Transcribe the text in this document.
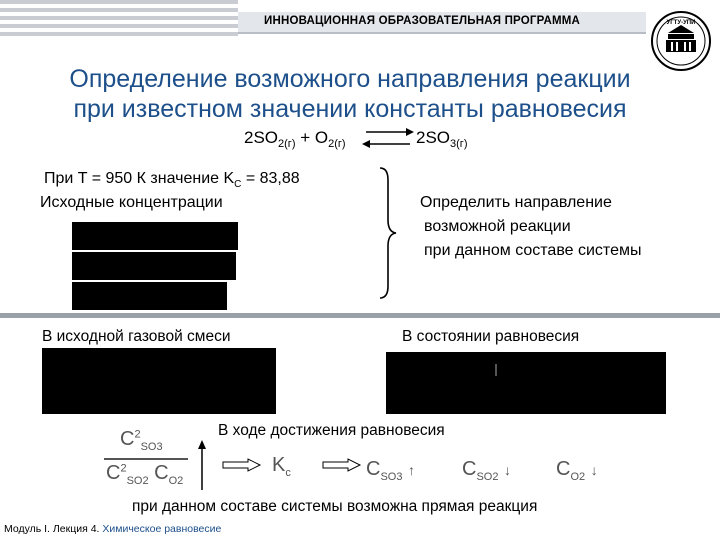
ИННОВАЦИОННАЯ ОБРАЗОВАТЕЛЬНАЯ ПРОГРАММА	УГТУ-УПИ
Определение возможного направления реакции
при известном значении константы равновесия
$2SO_{2(г)} + O_{2(г)}$ ⇌ $2SO_{3(г)}$
При T = 950 К значение $K_C = 83,88$
Исходные концентрации	Определить направление
возможной реакции
при данном составе системы
В исходной газовой смеси	В состоянии равновесия
В ходе достижения равновесия
$C^2_{SO3}$
$C^2_{SO2}$ $C_{O2}$
$K_c$	$C_{SO3}$ ↑ $C_{SO2}$ ↓ $C_{O2}$ ↓
при данном составе системы возможна прямая реакция
Модуль I. Лекция 4. Химическое равновесие
